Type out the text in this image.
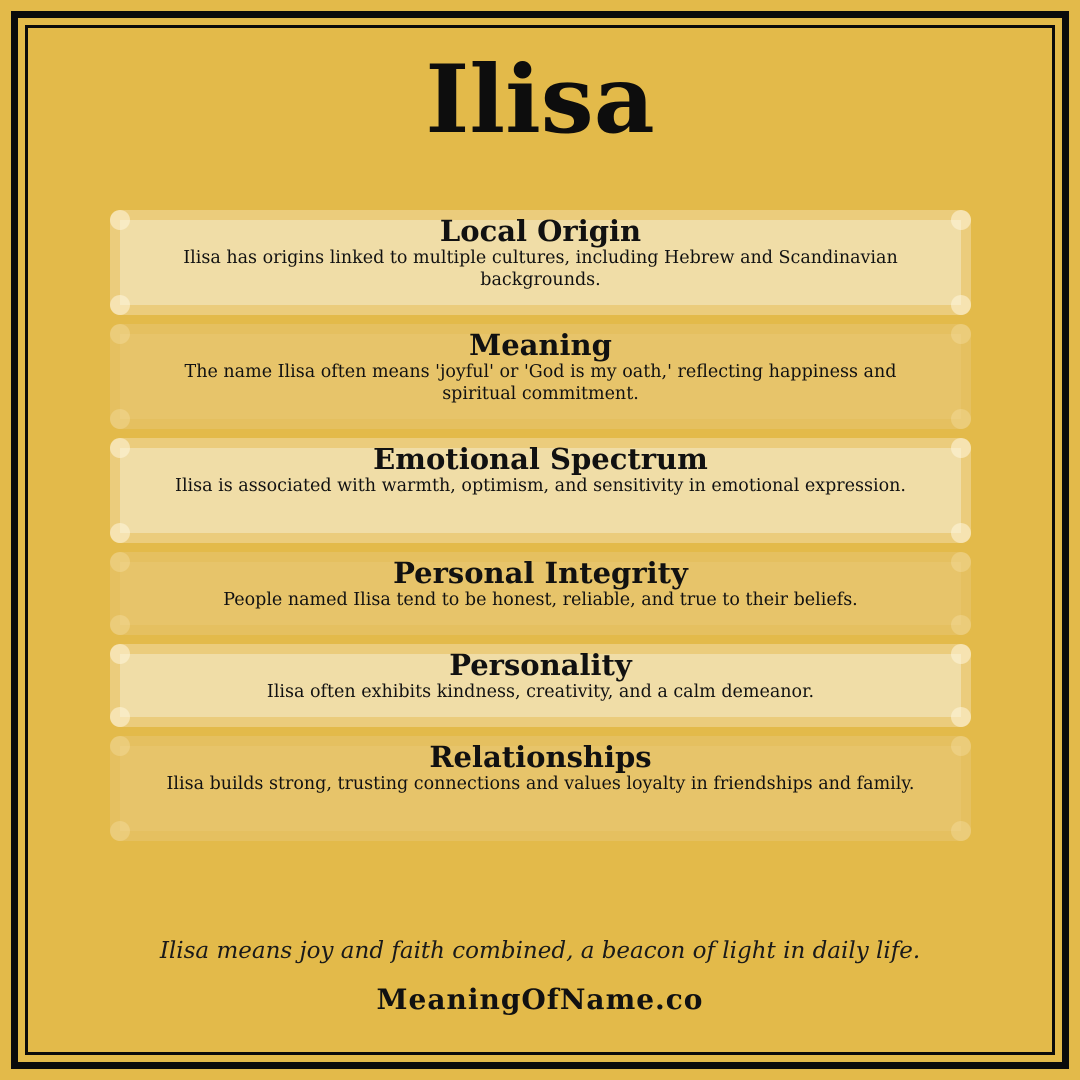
Ilisa
Local Origin
Ilisa has origins linked to multiple cultures, including Hebrew and Scandinavian backgrounds.
Meaning
The name Ilisa often means 'joyful' or 'God is my oath,' reflecting happiness and spiritual commitment.
Emotional Spectrum
Ilisa is associated with warmth, optimism, and sensitivity in emotional expression.
Personal Integrity
People named Ilisa tend to be honest, reliable, and true to their beliefs.
Personality
Ilisa often exhibits kindness, creativity, and a calm demeanor.
Relationships
Ilisa builds strong, trusting connections and values loyalty in friendships and family.
Ilisa means joy and faith combined, a beacon of light in daily life.
MeaningOfName.co
